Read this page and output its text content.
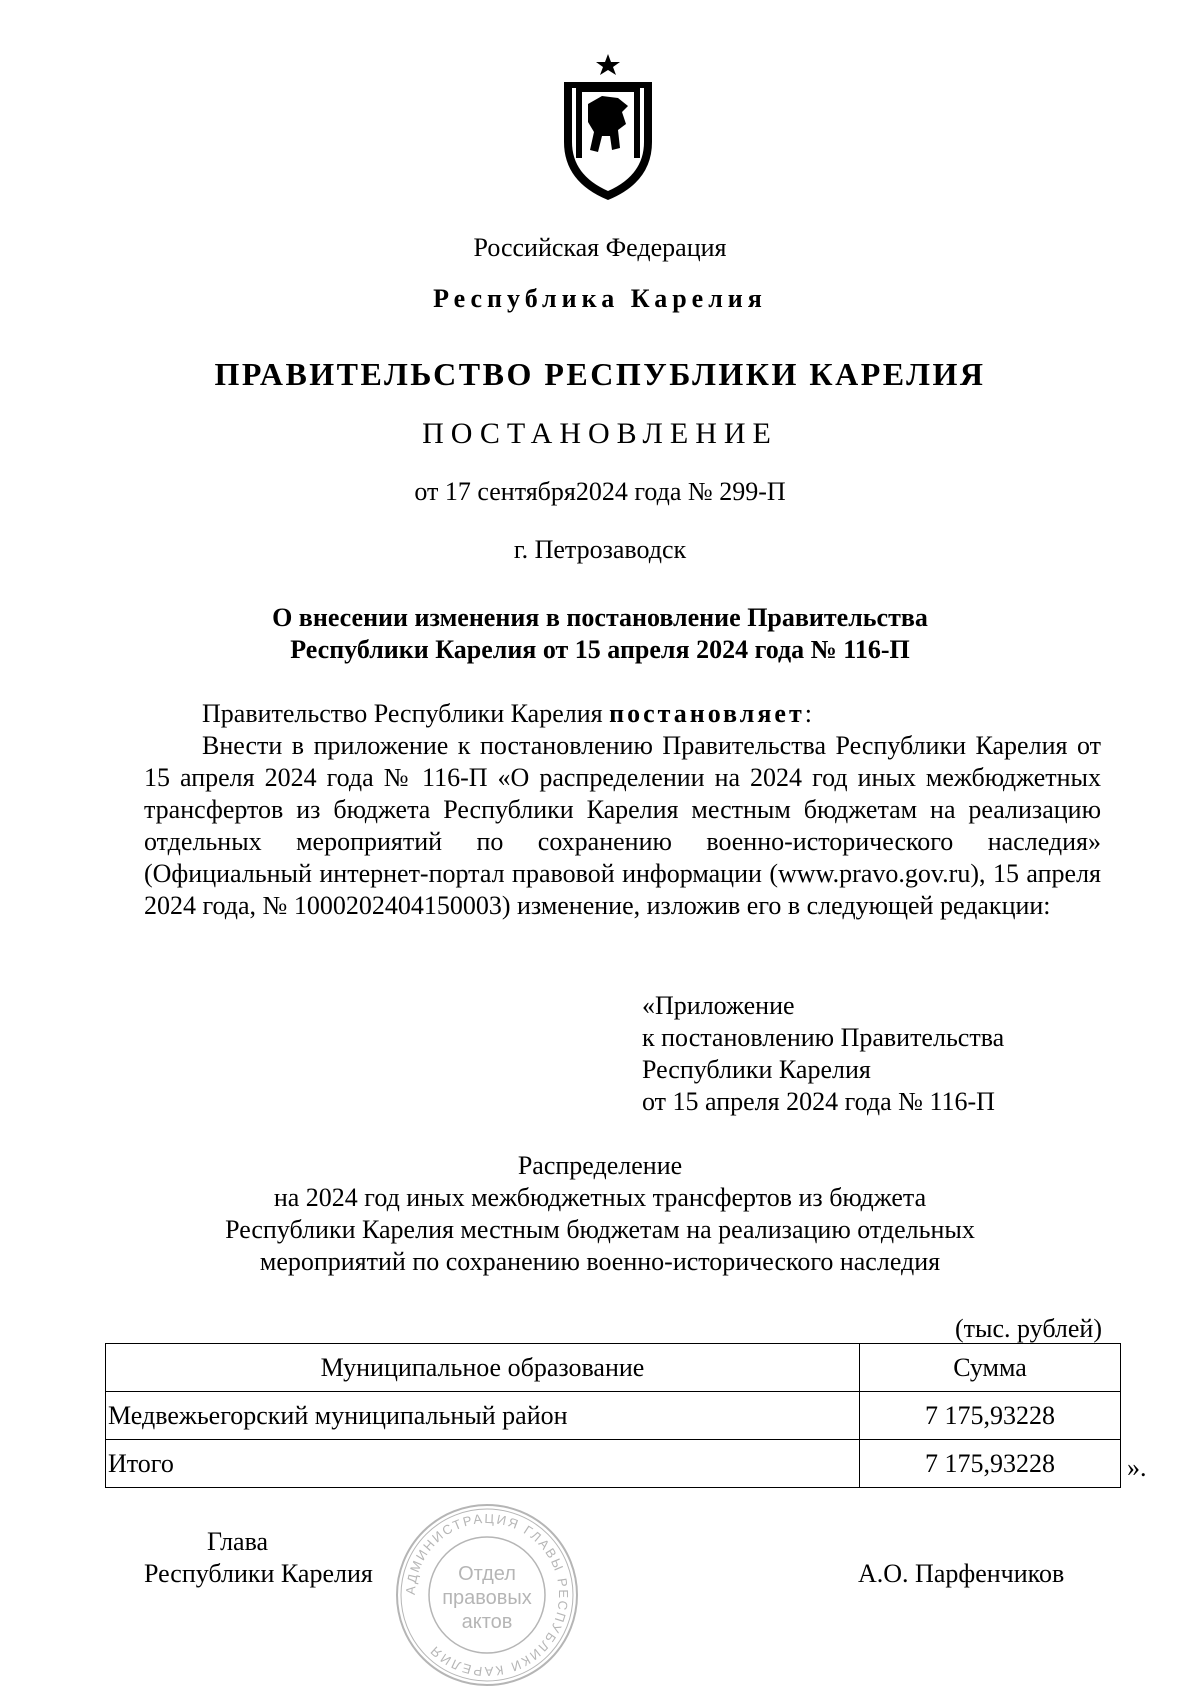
Российская Федерация
Республика Карелия
ПРАВИТЕЛЬСТВО РЕСПУБЛИКИ КАРЕЛИЯ
ПОСТАНОВЛЕНИЕ
от 17 сентября2024 года № 299-П
г. Петрозаводск
О внесении изменения в постановление Правительства
Республики Карелия от 15 апреля 2024 года № 116-П
Правительство Республики Карелия постановляет:
Внести в приложение к постановлению Правительства Республики Карелия от 15 апреля 2024 года № 116-П «О распределении на 2024 год иных межбюджетных трансфертов из бюджета Республики Карелия местным бюджетам на реализацию отдельных мероприятий по сохранению военно-исторического наследия» (Официальный интернет-портал правовой информации (www.pravo.gov.ru), 15 апреля 2024 года, № 1000202404150003) изменение, изложив его в следующей редакции:
«Приложение
к постановлению Правительства
Республики Карелия
от 15 апреля 2024 года № 116-П
Распределение
на 2024 год иных межбюджетных трансфертов из бюджета
Республики Карелия местным бюджетам на реализацию отдельных
мероприятий по сохранению военно-исторического наследия
(тыс. рублей)
Муниципальное образование	Сумма
Медвежьегорский муниципальный район	7 175,93228
Итого	7 175,93228	».
Глава
Республики Карелия	А.О. Парфенчиков
АДМИНИСТРАЦИЯ ГЛАВЫ РЕСПУБЛИКИ КАРЕЛИЯ
Отдел
правовых
актов
